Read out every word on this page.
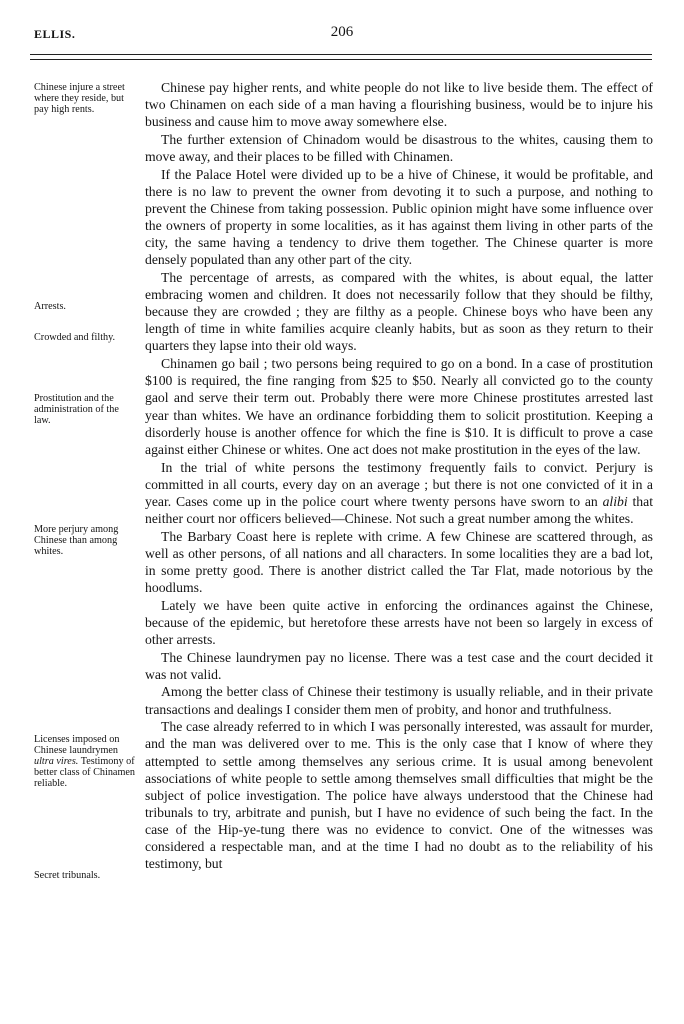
ELLIS.	206
Chinese injure a street where they reside, but pay high rents.
Arrests.
Crowded and filthy.
Prostitution and the administration of the law.
More perjury among Chinese than among whites.
Licenses imposed on Chinese laundrymen ultra vires. Testimony of better class of Chinamen reliable.
Secret tribunals.

Chinese pay higher rents, and white people do not like to live beside them. The effect of two Chinamen on each side of a man having a flourishing business, would be to injure his business and cause him to move away somewhere else.

The further extension of Chinadom would be disastrous to the whites, causing them to move away, and their places to be filled with Chinamen.

If the Palace Hotel were divided up to be a hive of Chinese, it would be profitable, and there is no law to prevent the owner from devoting it to such a purpose, and nothing to prevent the Chinese from taking possession. Public opinion might have some influence over the owners of property in some localities, as it has against them living in other parts of the city, the same having a tendency to drive them together. The Chinese quarter is more densely populated than any other part of the city.

The percentage of arrests, as compared with the whites, is about equal, the latter embracing women and children. It does not necessarily follow that they should be filthy, because they are crowded ; they are filthy as a people. Chinese boys who have been any length of time in white families acquire cleanly habits, but as soon as they return to their quarters they lapse into their old ways.

Chinamen go bail ; two persons being required to go on a bond. In a case of prostitution $100 is required, the fine ranging from $25 to $50. Nearly all convicted go to the county gaol and serve their term out. Probably there were more Chinese prostitutes arrested last year than whites. We have an ordinance forbidding them to solicit prostitution. Keeping a disorderly house is another offence for which the fine is $10. It is difficult to prove a case against either Chinese or whites. One act does not make prostitution in the eyes of the law.

In the trial of white persons the testimony frequently fails to convict. Perjury is committed in all courts, every day on an average ; but there is not one convicted of it in a year. Cases come up in the police court where twenty persons have sworn to an alibi that neither court nor officers believed—Chinese. Not such a great number among the whites.

The Barbary Coast here is replete with crime. A few Chinese are scattered through, as well as other persons, of all nations and all characters. In some localities they are a bad lot, in some pretty good. There is another district called the Tar Flat, made notorious by the hoodlums.

Lately we have been quite active in enforcing the ordinances against the Chinese, because of the epidemic, but heretofore these arrests have not been so largely in excess of other arrests.

The Chinese laundrymen pay no license. There was a test case and the court decided it was not valid.

Among the better class of Chinese their testimony is usually reliable, and in their private transactions and dealings I consider them men of probity, and honor and truthfulness.

The case already referred to in which I was personally interested, was assault for murder, and the man was delivered over to me. This is the only case that I know of where they attempted to settle among themselves any serious crime. It is usual among benevolent associations of white people to settle among themselves small difficulties that might be the subject of police investigation. The police have always understood that the Chinese had tribunals to try, arbitrate and punish, but I have no evidence of such being the fact. In the case of the Hip-ye-tung there was no evidence to convict. One of the witnesses was considered a respectable man, and at the time I had no doubt as to the reliability of his testimony, but
